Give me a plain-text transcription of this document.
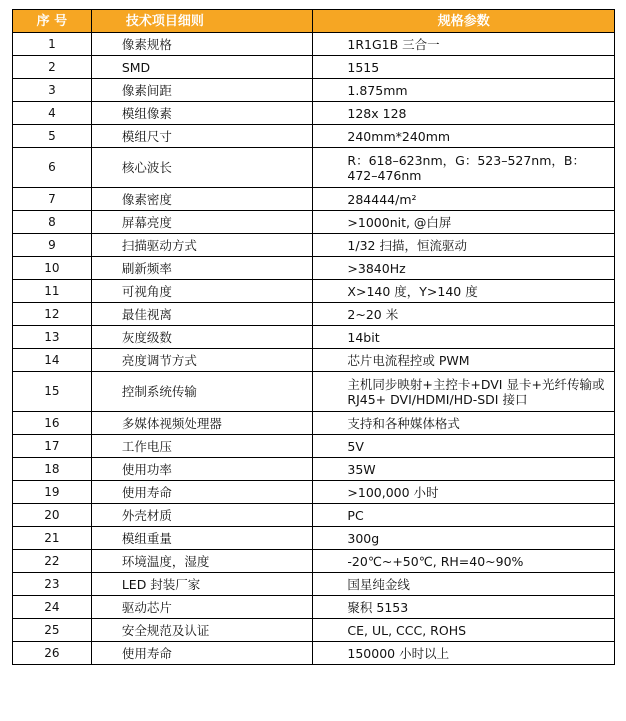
序 号	技术项目细则	规格参数
1	像素规格	1R1G1B 三合一
2	SMD	1515
3	像素间距	1.875mm
4	模组像素	128x 128
5	模组尺寸	240mm*240mm
6	核心波长	R：618–623nm，G：523–527nm，B：472–476nm
7	像素密度	284444/m²
8	屏幕亮度	>1000nit, @白屏
9	扫描驱动方式	1/32 扫描，恒流驱动
10	刷新频率	>3840Hz
11	可视角度	X>140 度，Y>140 度
12	最佳视离	2~20 米
13	灰度级数	14bit
14	亮度调节方式	芯片电流程控或 PWM
15	控制系统传输	主机同步映射+主控卡+DVI 显卡+光纤传输或 RJ45+ DVI/HDMI/HD-SDI 接口
16	多媒体视频处理器	支持和各种媒体格式
17	工作电压	5V
18	使用功率	35W
19	使用寿命	>100,000 小时
20	外壳材质	PC
21	模组重量	300g
22	环境温度，湿度	-20℃~+50℃, RH=40~90%
23	LED 封装厂家	国星纯金线
24	驱动芯片	聚积 5153
25	安全规范及认证	CE, UL, CCC, ROHS
26	使用寿命	150000 小时以上
